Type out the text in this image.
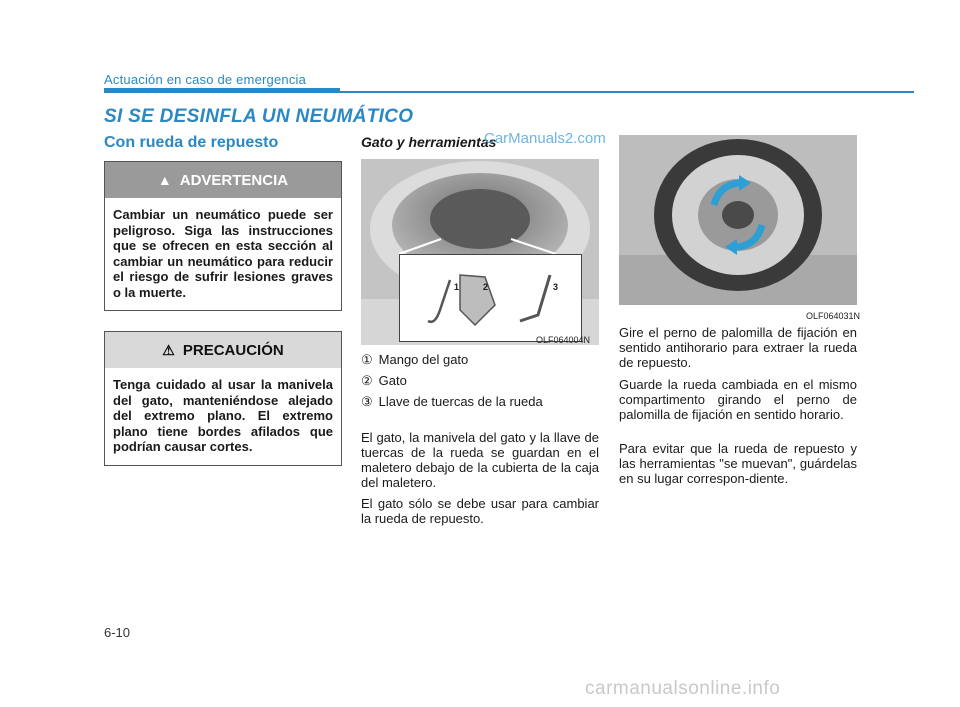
Actuación en caso de emergencia
SI SE DESINFLA UN NEUMÁTICO
Con rueda de repuesto
▲ ADVERTENCIA
Cambiar un neumático puede ser peligroso. Siga las instrucciones que se ofrecen en esta sección al cambiar un neumático para reducir el riesgo de sufrir lesiones graves o la muerte.
⚠ PRECAUCIÓN
Tenga cuidado al usar la manivela del gato, manteniéndose alejado del extremo plano. El extremo plano tiene bordes afilados que podrían causar cortes.
Gato y herramientas
CarManuals2.com
1	2	3
OLF064004N
① Mango del gato
② Gato
③ Llave de tuercas de la rueda

El gato, la manivela del gato y la llave de tuercas de la rueda se guardan en el maletero debajo de la cubierta de la caja del maletero.

El gato sólo se debe usar para cambiar la rueda de repuesto.

OLF064031N

Gire el perno de palomilla de fijación en sentido antihorario para extraer la rueda de repuesto.

Guarde la rueda cambiada en el mismo compartimento girando el perno de palomilla de fijación en sentido horario.

Para evitar que la rueda de repuesto y las herramientas "se muevan", guárdelas en su lugar correspon-diente.

6-10
carmanualsonline.info
